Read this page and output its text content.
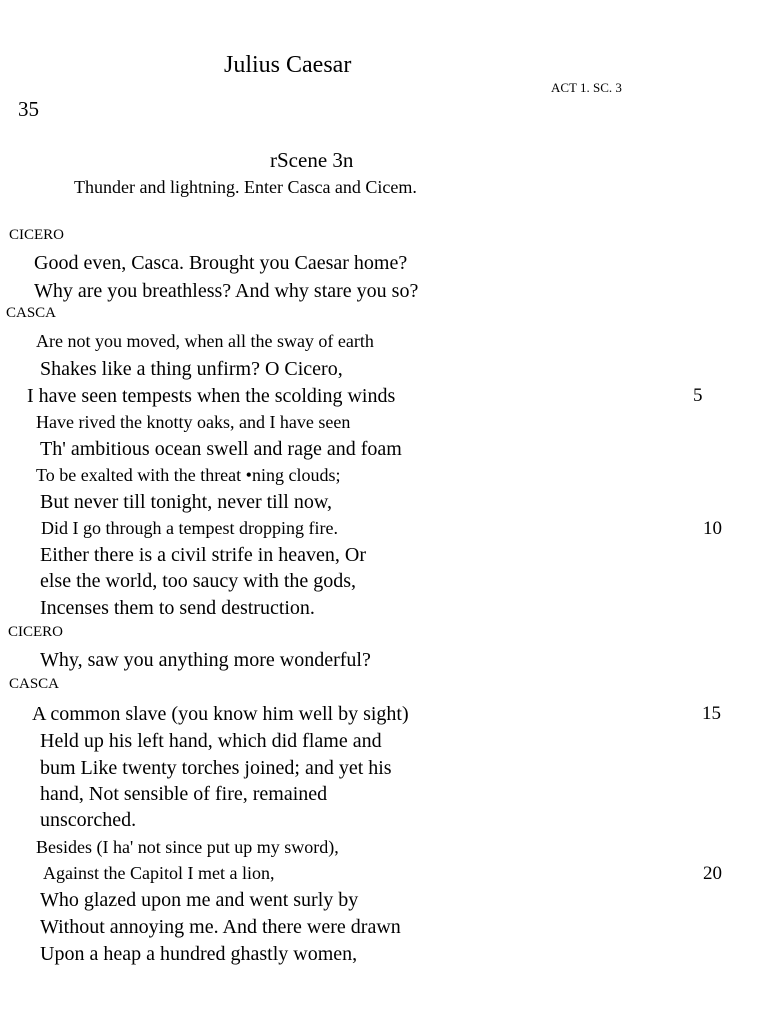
Julius Caesar
ACT 1. SC. 3
35
rScene 3n
Thunder and lightning. Enter Casca and Cicem.
CICERO
Good even, Casca. Brought you Caesar home?
Why are you breathless? And why stare you so?
CASCA
Are not you moved, when all the sway of earth
Shakes like a thing unfirm? O Cicero,
I have seen tempests when the scolding winds	5
Have rived the knotty oaks, and I have seen
Th' ambitious ocean swell and rage and foam
To be exalted with the threat •ning clouds;
But never till tonight, never till now,
Did I go through a tempest dropping fire.	10
Either there is a civil strife in heaven, Or
else the world, too saucy with the gods,
Incenses them to send destruction.
CICERO
Why, saw you anything more wonderful?
CASCA
A common slave (you know him well by sight)	15
Held up his left hand, which did flame and
bum Like twenty torches joined; and yet his
hand, Not sensible of fire, remained
unscorched.
Besides (I ha' not since put up my sword),
Against the Capitol I met a lion,	20
Who glazed upon me and went surly by
Without annoying me. And there were drawn
Upon a heap a hundred ghastly women,
